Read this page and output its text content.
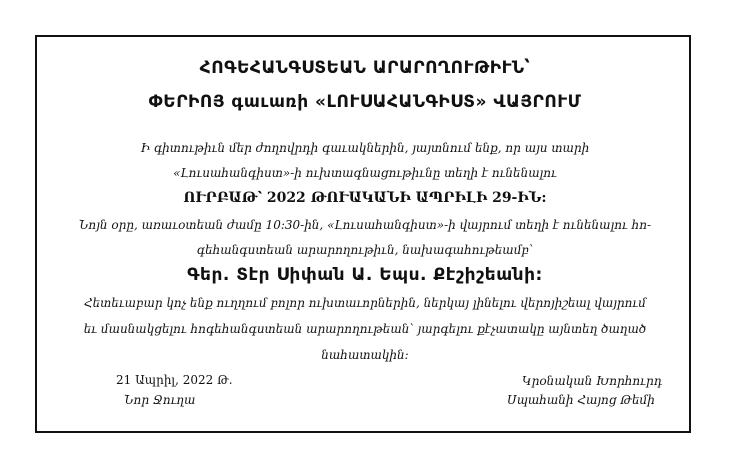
ՀՈԳԵՀԱՆԳՍՏԵԱՆ ԱՐԱՐՈՂՈՒԹԻՒՆ՝
ՓԵՐԻՈՅ գաւառի «ԼՈՒՍԱՀԱՆԳԻՍՏ» ՎԱՅՐՈՒՄ
Ի գիտութիւն մեր ժողովրդի գաւակներին, յայտնում ենք, որ այս տարի
«Լուսահանգիստ»-ի ուխտագնացութիւնը տեղի է ունենալու
ՈՒՐԲԱԹ՝ 2022 ԹՈՒԱԿԱՆԻ ԱՊՐԻԼԻ 29-ԻՆ:
Նոյն օրը, առաւօտեան ժամը 10:30-ին, «Լուսահանգիստ»-ի վայրում տեղի է ունենալու հո-
գեհանգստեան արարողութիւն, նախագահութեամբ՝
Գեր. Տէր Սիփան Ա. Եպս. Քէշիշեանի:
Հետեւաբար կոչ ենք ուղղում բոլոր ուխտաւորներին, ներկայ լինելու վերոյիշեալ վայրում
եւ մասնակցելու հոգեհանգստեան արարողութեան՝ յարգելու քէչատակը այնտեղ ծաղած
նահատակին:
21 Ապրիլ, 2022 Թ.
Նոր Ջուղա
Կրօնական Խորհուրդ
Սպահանի Հայոց Թեմի
